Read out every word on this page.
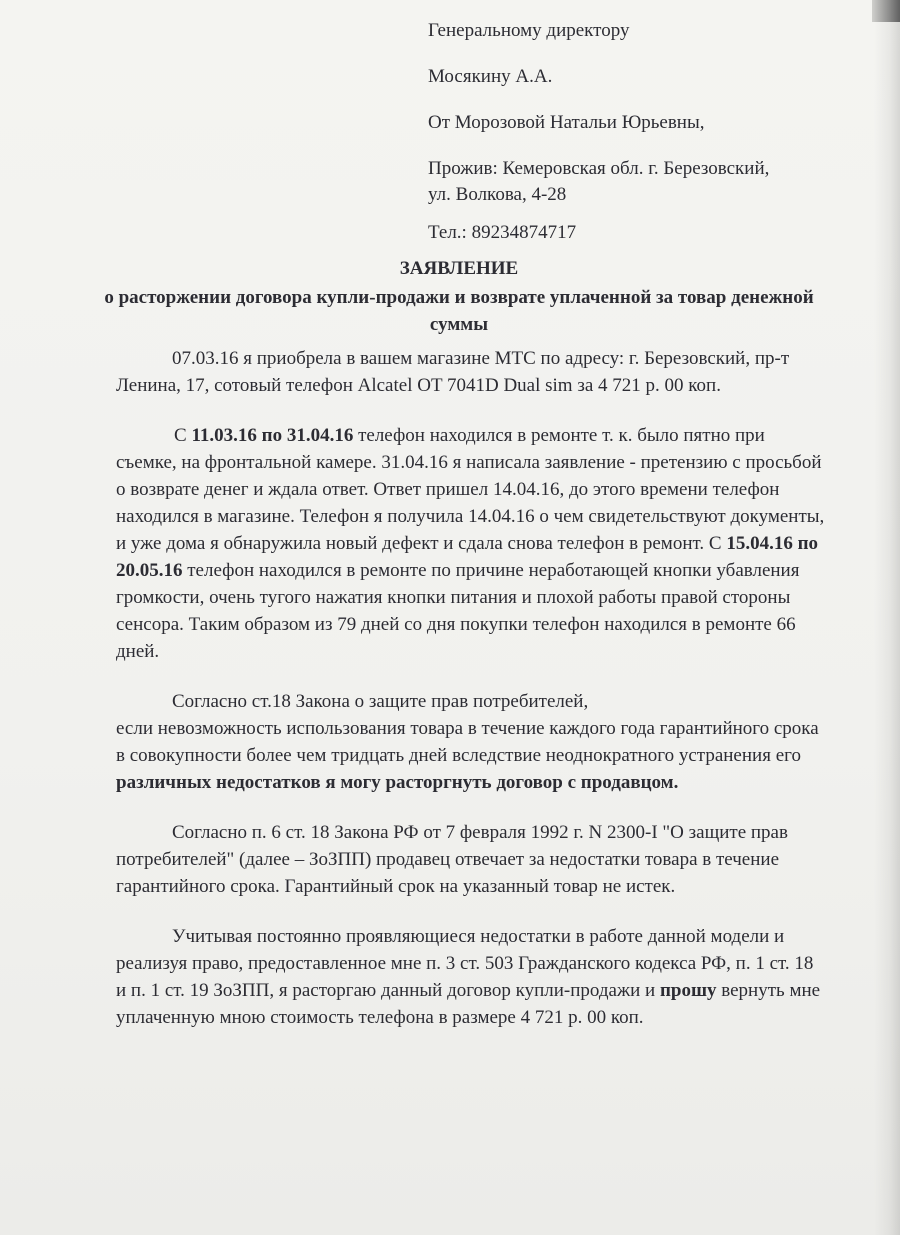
Генеральному директору

Мосякину А.А.

От Морозовой Натальи Юрьевны,

Прожив: Кемеровская обл. г. Березовский,
ул. Волкова, 4-28

Тел.: 89234874717

ЗАЯВЛЕНИЕ
о расторжении договора купли-продажи и возврате уплаченной за товар денежной суммы

07.03.16 я приобрела в вашем магазине МТС по адресу: г. Березовский, пр-т Ленина, 17, сотовый телефон Alcatel OT 7041D Dual sim за 4 721 р. 00 коп.

С 11.03.16 по 31.04.16 телефон находился в ремонте т. к. было пятно при съемке, на фронтальной камере. 31.04.16 я написала заявление - претензию с просьбой о возврате денег и ждала ответ. Ответ пришел 14.04.16, до этого времени телефон находился в магазине. Телефон я получила 14.04.16 о чем свидетельствуют документы, и уже дома я обнаружила новый дефект и сдала снова телефон в ремонт. С 15.04.16 по 20.05.16 телефон находился в ремонте по причине неработающей кнопки убавления громкости, очень тугого нажатия кнопки питания и плохой работы правой стороны сенсора. Таким образом из 79 дней со дня покупки телефон находился в ремонте 66 дней.

Согласно ст.18 Закона о защите прав потребителей,
если невозможность использования товара в течение каждого года гарантийного срока в совокупности более чем тридцать дней вследствие неоднократного устранения его различных недостатков я могу расторгнуть договор с продавцом.

Согласно п. 6 ст. 18 Закона РФ от 7 февраля 1992 г. N 2300-I "О защите прав потребителей" (далее – ЗоЗПП) продавец отвечает за недостатки товара в течение гарантийного срока. Гарантийный срок на указанный товар не истек.

Учитывая постоянно проявляющиеся недостатки в работе данной модели и реализуя право, предоставленное мне п. 3 ст. 503 Гражданского кодекса РФ, п. 1 ст. 18 и п. 1 ст. 19 ЗоЗПП, я расторгаю данный договор купли-продажи и прошу вернуть мне уплаченную мною стоимость телефона в размере 4 721 р. 00 коп.
